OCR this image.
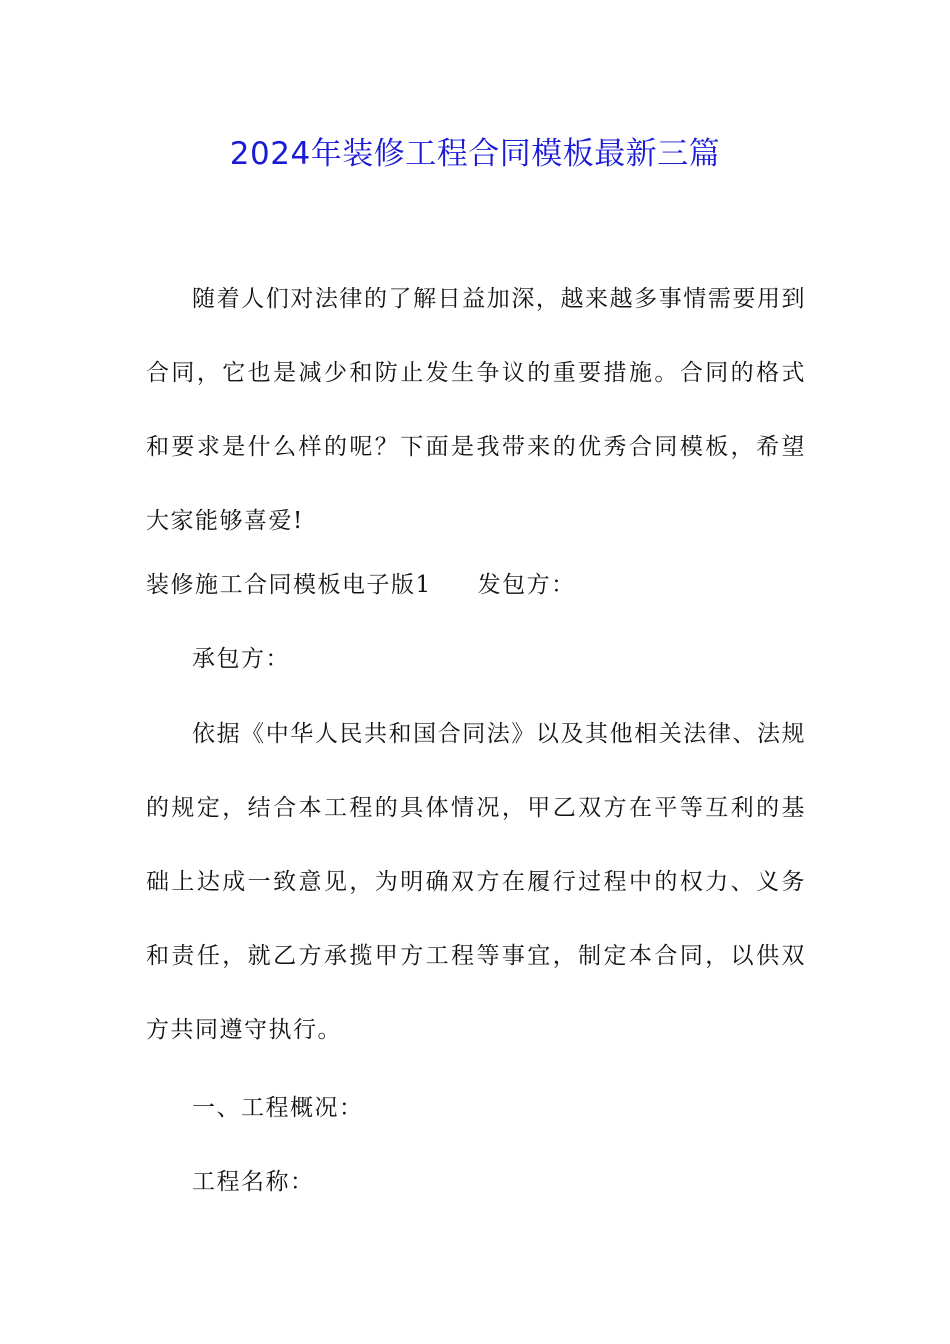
2024年装修工程合同模板最新三篇

随着人们对法律的了解日益加深，越来越多事情需要用到合同，它也是减少和防止发生争议的重要措施。合同的格式和要求是什么样的呢？下面是我带来的优秀合同模板，希望大家能够喜爱!

装修施工合同模板电子版1 发包方：

承包方：

依据《中华人民共和国合同法》以及其他相关法律、法规的规定，结合本工程的具体情况，甲乙双方在平等互利的基础上达成一致意见，为明确双方在履行过程中的权力、义务和责任，就乙方承揽甲方工程等事宜，制定本合同，以供双方共同遵守执行。

一、工程概况：

工程名称：
